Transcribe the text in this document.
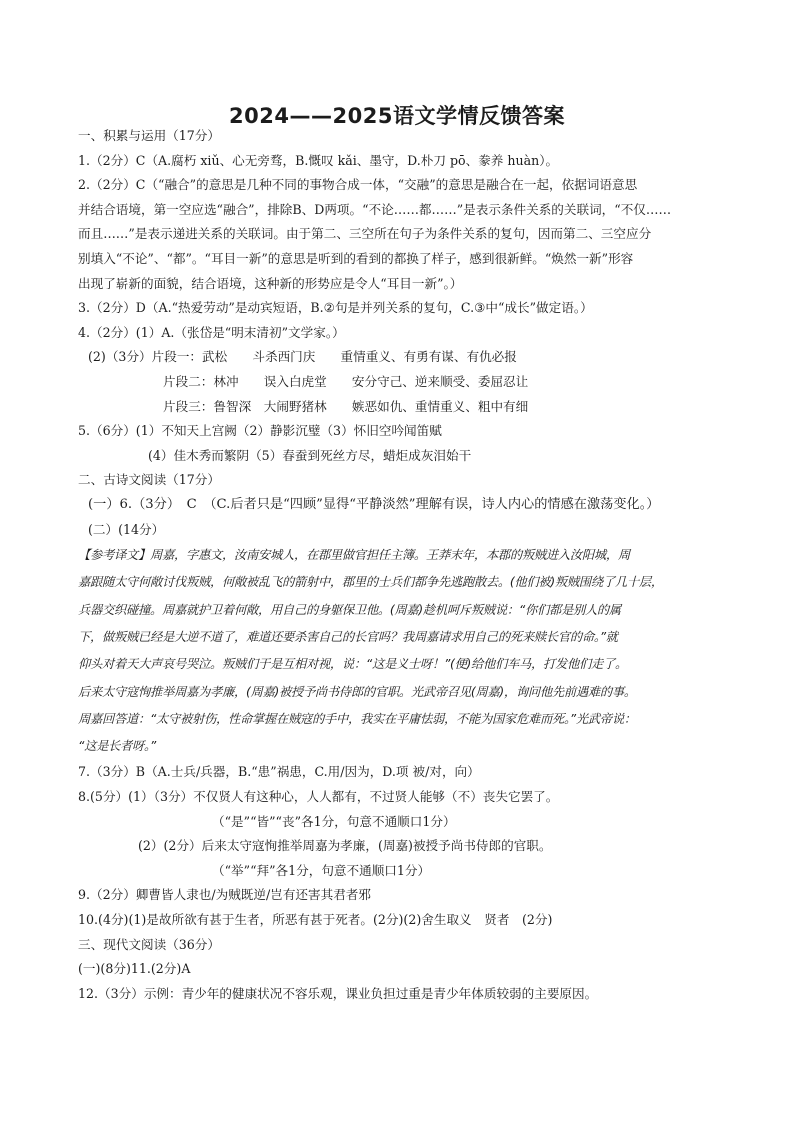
2024——2025语文学情反馈答案
一、积累与运用（17分）
1.（2分）C（A.腐朽 xiǔ、心无旁骛，B.慨叹 kǎi、墨守，D.朴刀 pō、豢养 huàn）。
2.（2分）C（“融合”的意思是几种不同的事物合成一体，“交融”的意思是融合在一起，依据词语意思
并结合语境，第一空应选“融合”，排除B、D两项。“不论……都……”是表示条件关系的关联词，“不仅……
而且……”是表示递进关系的关联词。由于第二、三空所在句子为条件关系的复句，因而第二、三空应分
别填入“不论”、“都”。“耳目一新”的意思是听到的看到的都换了样子，感到很新鲜。“焕然一新”形容
出现了崭新的面貌，结合语境，这种新的形势应是令人“耳目一新”。）
3.（2分）D（A.“热爱劳动”是动宾短语，B.②句是并列关系的复句，C.③中“成长”做定语。）
4.（2分）(1）A.（张岱是“明末清初”文学家。）
(2)（3分）片段一：武松　　斗杀西门庆　　重情重义、有勇有谋、有仇必报
片段二：林冲　　误入白虎堂　　安分守己、逆来顺受、委屈忍让
片段三：鲁智深　大闹野猪林　　嫉恶如仇、重情重义、粗中有细
5.（6分）(1）不知天上宫阙（2）静影沉璧（3）怀旧空吟闻笛赋
(4）佳木秀而繁阴（5）春蚕到死丝方尽，蜡炬成灰泪始干
二、古诗文阅读（17分）
(一）6.（3分）　C　（C.后者只是“四顾”显得“平静淡然”理解有误，诗人内心的情感在激荡变化。）
(二）(14分）
【参考译文】周嘉，字惠文，汝南安城人，在郡里做官担任主簿。王莽末年，本郡的叛贼进入汝阳城，周
嘉跟随太守何敞讨伐叛贼，何敞被乱飞的箭射中，郡里的士兵们都争先逃跑散去。(他们被)叛贼围绕了几十层，
兵器交织碰撞。周嘉就护卫着何敞，用自己的身躯保卫他。(周嘉)趁机呵斥叛贼说：“你们都是别人的属
下，做叛贼已经是大逆不道了，难道还要杀害自己的长官吗？我周嘉请求用自己的死来赎长官的命。”就
仰头对着天大声哀号哭泣。叛贼们于是互相对视，说：“这是义士呀！”(便)给他们车马，打发他们走了。
后来太守寇恂推举周嘉为孝廉，(周嘉)被授予尚书侍郎的官职。光武帝召见(周嘉)，询问他先前遇难的事。
周嘉回答道：“太守被射伤，性命掌握在贼寇的手中，我实在平庸怯弱，不能为国家危难而死。”光武帝说：
“这是长者呀。”
7.（3分）B（A.士兵/兵器，B.“患”祸患，C.用/因为，D.项 被/对，向）
8.(5分）(1）（3分）不仅贤人有这种心，人人都有，不过贤人能够（不）丧失它罢了。
（“是”“皆”“丧”各1分，句意不通顺口1分）
(2）(2分）后来太守寇恂推举周嘉为孝廉，(周嘉)被授予尚书侍郎的官职。
（“举”“拜”各1分，句意不通顺口1分）
9.（2分）卿曹皆人隶也/为贼既逆/岂有还害其君者邪
10.(4分)(1)是故所欲有甚于生者，所恶有甚于死者。(2分)(2)舍生取义　贤者　(2分)
三、现代文阅读（36分）
(一)(8分)11.(2分)A
12.（3分）示例：青少年的健康状况不容乐观，课业负担过重是青少年体质较弱的主要原因。
